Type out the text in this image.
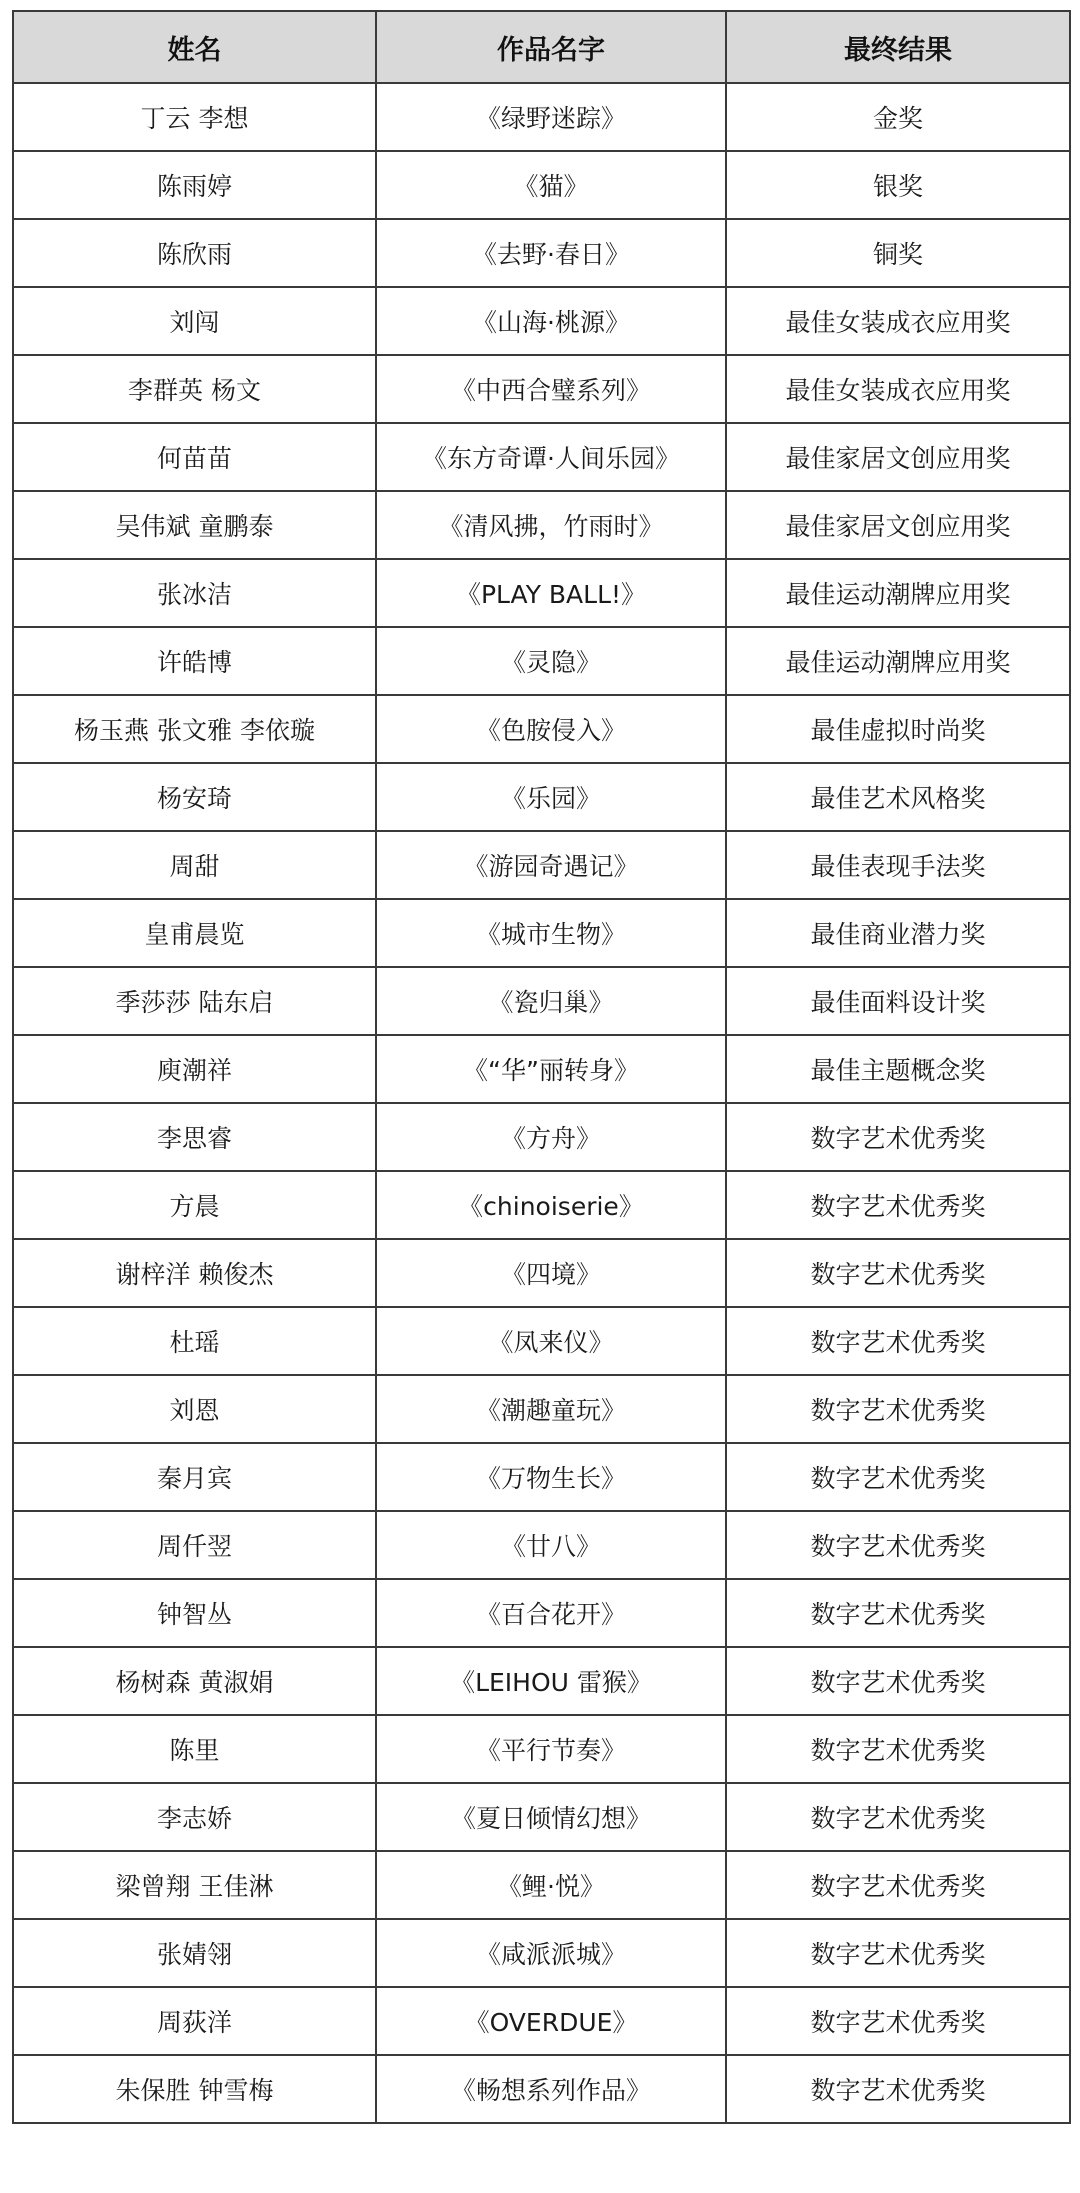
姓名	作品名字	最终结果
丁云 李想	《绿野迷踪》	金奖
陈雨婷	《猫》	银奖
陈欣雨	《去野·春日》	铜奖
刘闯	《山海·桃源》	最佳女装成衣应用奖
李群英 杨文	《中西合璧系列》	最佳女装成衣应用奖
何苗苗	《东方奇谭·人间乐园》	最佳家居文创应用奖
吴伟斌 童鹏泰	《清风拂，竹雨时》	最佳家居文创应用奖
张冰洁	《PLAY BALL!》	最佳运动潮牌应用奖
许皓博	《灵隐》	最佳运动潮牌应用奖
杨玉燕 张文雅 李依璇	《色胺侵入》	最佳虚拟时尚奖
杨安琦	《乐园》	最佳艺术风格奖
周甜	《游园奇遇记》	最佳表现手法奖
皇甫晨览	《城市生物》	最佳商业潜力奖
季莎莎 陆东启	《瓷归巢》	最佳面料设计奖
庾潮祥	《“华”丽转身》	最佳主题概念奖
李思睿	《方舟》	数字艺术优秀奖
方晨	《chinoiserie》	数字艺术优秀奖
谢梓洋 赖俊杰	《四境》	数字艺术优秀奖
杜瑶	《凤来仪》	数字艺术优秀奖
刘恩	《潮趣童玩》	数字艺术优秀奖
秦月宾	《万物生长》	数字艺术优秀奖
周仟翌	《廿八》	数字艺术优秀奖
钟智丛	《百合花开》	数字艺术优秀奖
杨树森 黄淑娟	《LEIHOU 雷猴》	数字艺术优秀奖
陈里	《平行节奏》	数字艺术优秀奖
李志娇	《夏日倾情幻想》	数字艺术优秀奖
梁曾翔 王佳淋	《鲤·悦》	数字艺术优秀奖
张婧翎	《咸派派城》	数字艺术优秀奖
周荻洋	《OVERDUE》	数字艺术优秀奖
朱保胜 钟雪梅	《畅想系列作品》	数字艺术优秀奖
